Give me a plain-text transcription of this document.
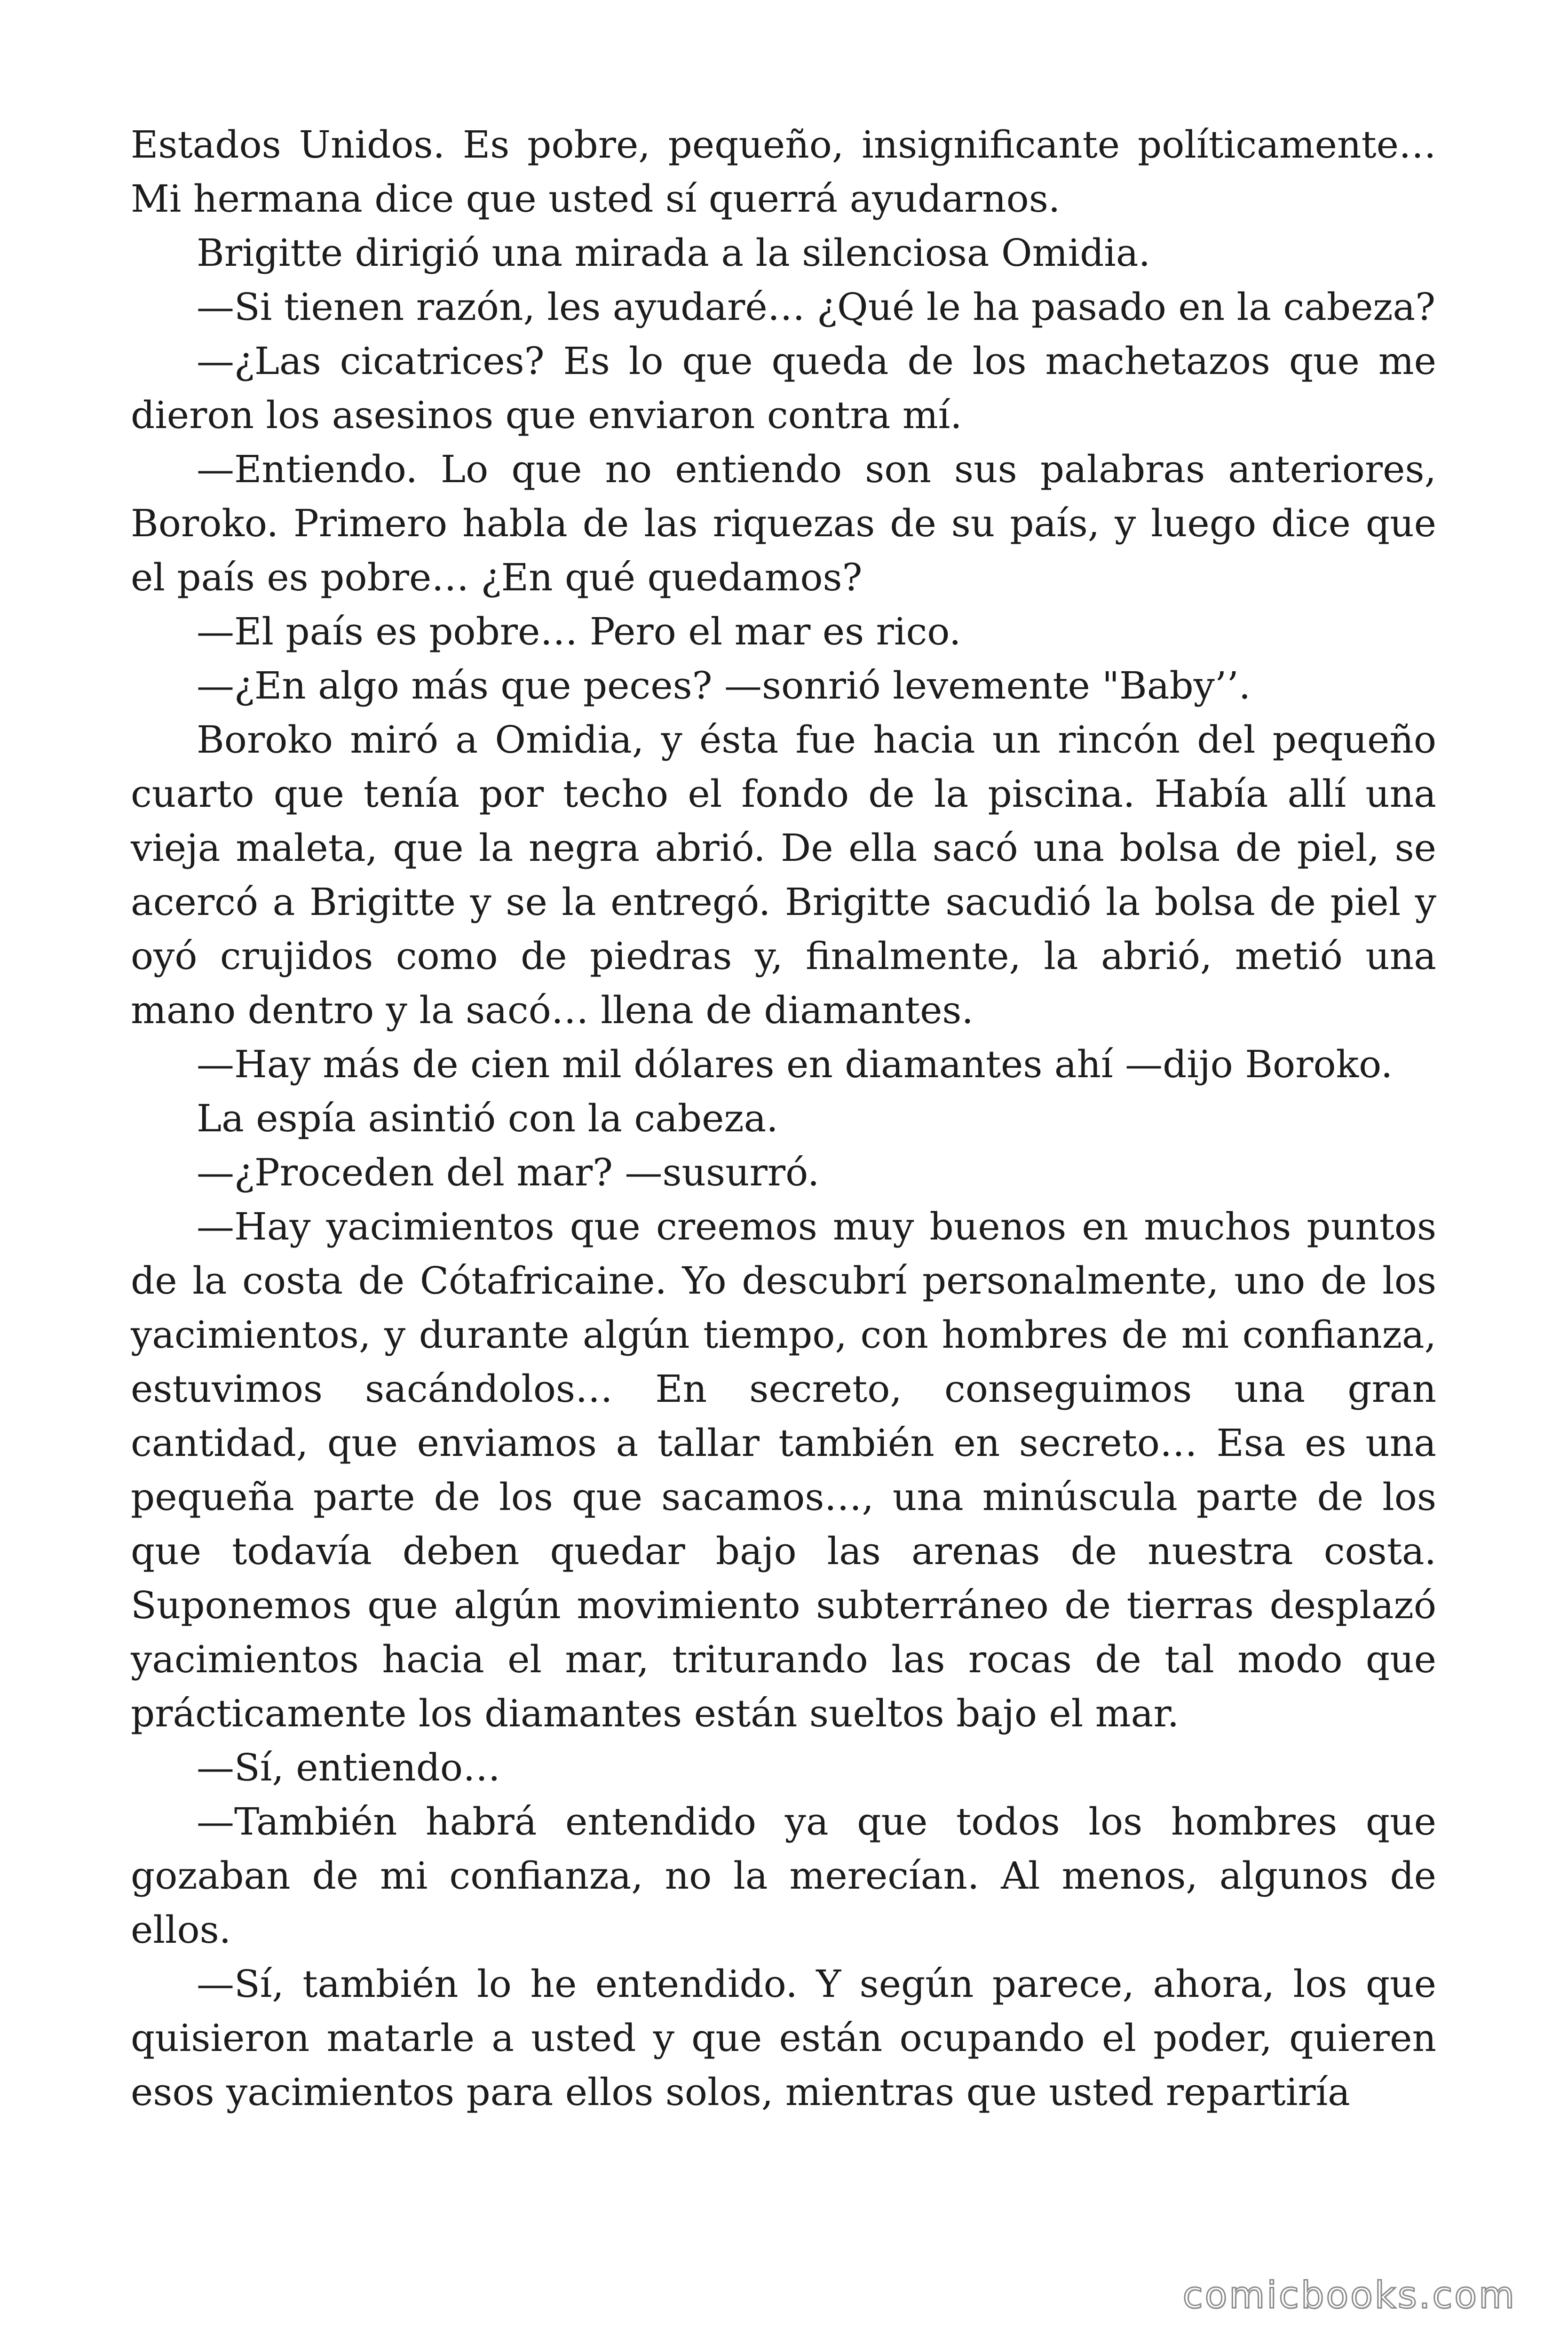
Estados Unidos. Es pobre, pequeño, insignificante políticamente… Mi hermana dice que usted sí querrá ayudarnos.

Brigitte dirigió una mirada a la silenciosa Omidia.

—Si tienen razón, les ayudaré… ¿Qué le ha pasado en la cabeza?

—¿Las cicatrices? Es lo que queda de los machetazos que me dieron los asesinos que enviaron contra mí.

—Entiendo. Lo que no entiendo son sus palabras anteriores, Boroko. Primero habla de las riquezas de su país, y luego dice que el país es pobre… ¿En qué quedamos?

—El país es pobre… Pero el mar es rico.

—¿En algo más que peces? —sonrió levemente "Baby’’.

Boroko miró a Omidia, y ésta fue hacia un rincón del pequeño cuarto que tenía por techo el fondo de la piscina. Había allí una vieja maleta, que la negra abrió. De ella sacó una bolsa de piel, se acercó a Brigitte y se la entregó. Brigitte sacudió la bolsa de piel y oyó crujidos como de piedras y, finalmente, la abrió, metió una mano dentro y la sacó… llena de diamantes.

—Hay más de cien mil dólares en diamantes ahí —dijo Boroko.

La espía asintió con la cabeza.

—¿Proceden del mar? —susurró.

—Hay yacimientos que creemos muy buenos en muchos puntos de la costa de Cótafricaine. Yo descubrí personalmente, uno de los yacimientos, y durante algún tiempo, con hombres de mi confianza, estuvimos sacándolos… En secreto, conseguimos una gran cantidad, que enviamos a tallar también en secreto… Esa es una pequeña parte de los que sacamos…, una minúscula parte de los que todavía deben quedar bajo las arenas de nuestra costa. Suponemos que algún movimiento subterráneo de tierras desplazó yacimientos hacia el mar, triturando las rocas de tal modo que prácticamente los diamantes están sueltos bajo el mar.

—Sí, entiendo…

—También habrá entendido ya que todos los hombres que gozaban de mi confianza, no la merecían. Al menos, algunos de ellos.

—Sí, también lo he entendido. Y según parece, ahora, los que quisieron matarle a usted y que están ocupando el poder, quieren esos yacimientos para ellos solos, mientras que usted repartiría

comicbooks.com
